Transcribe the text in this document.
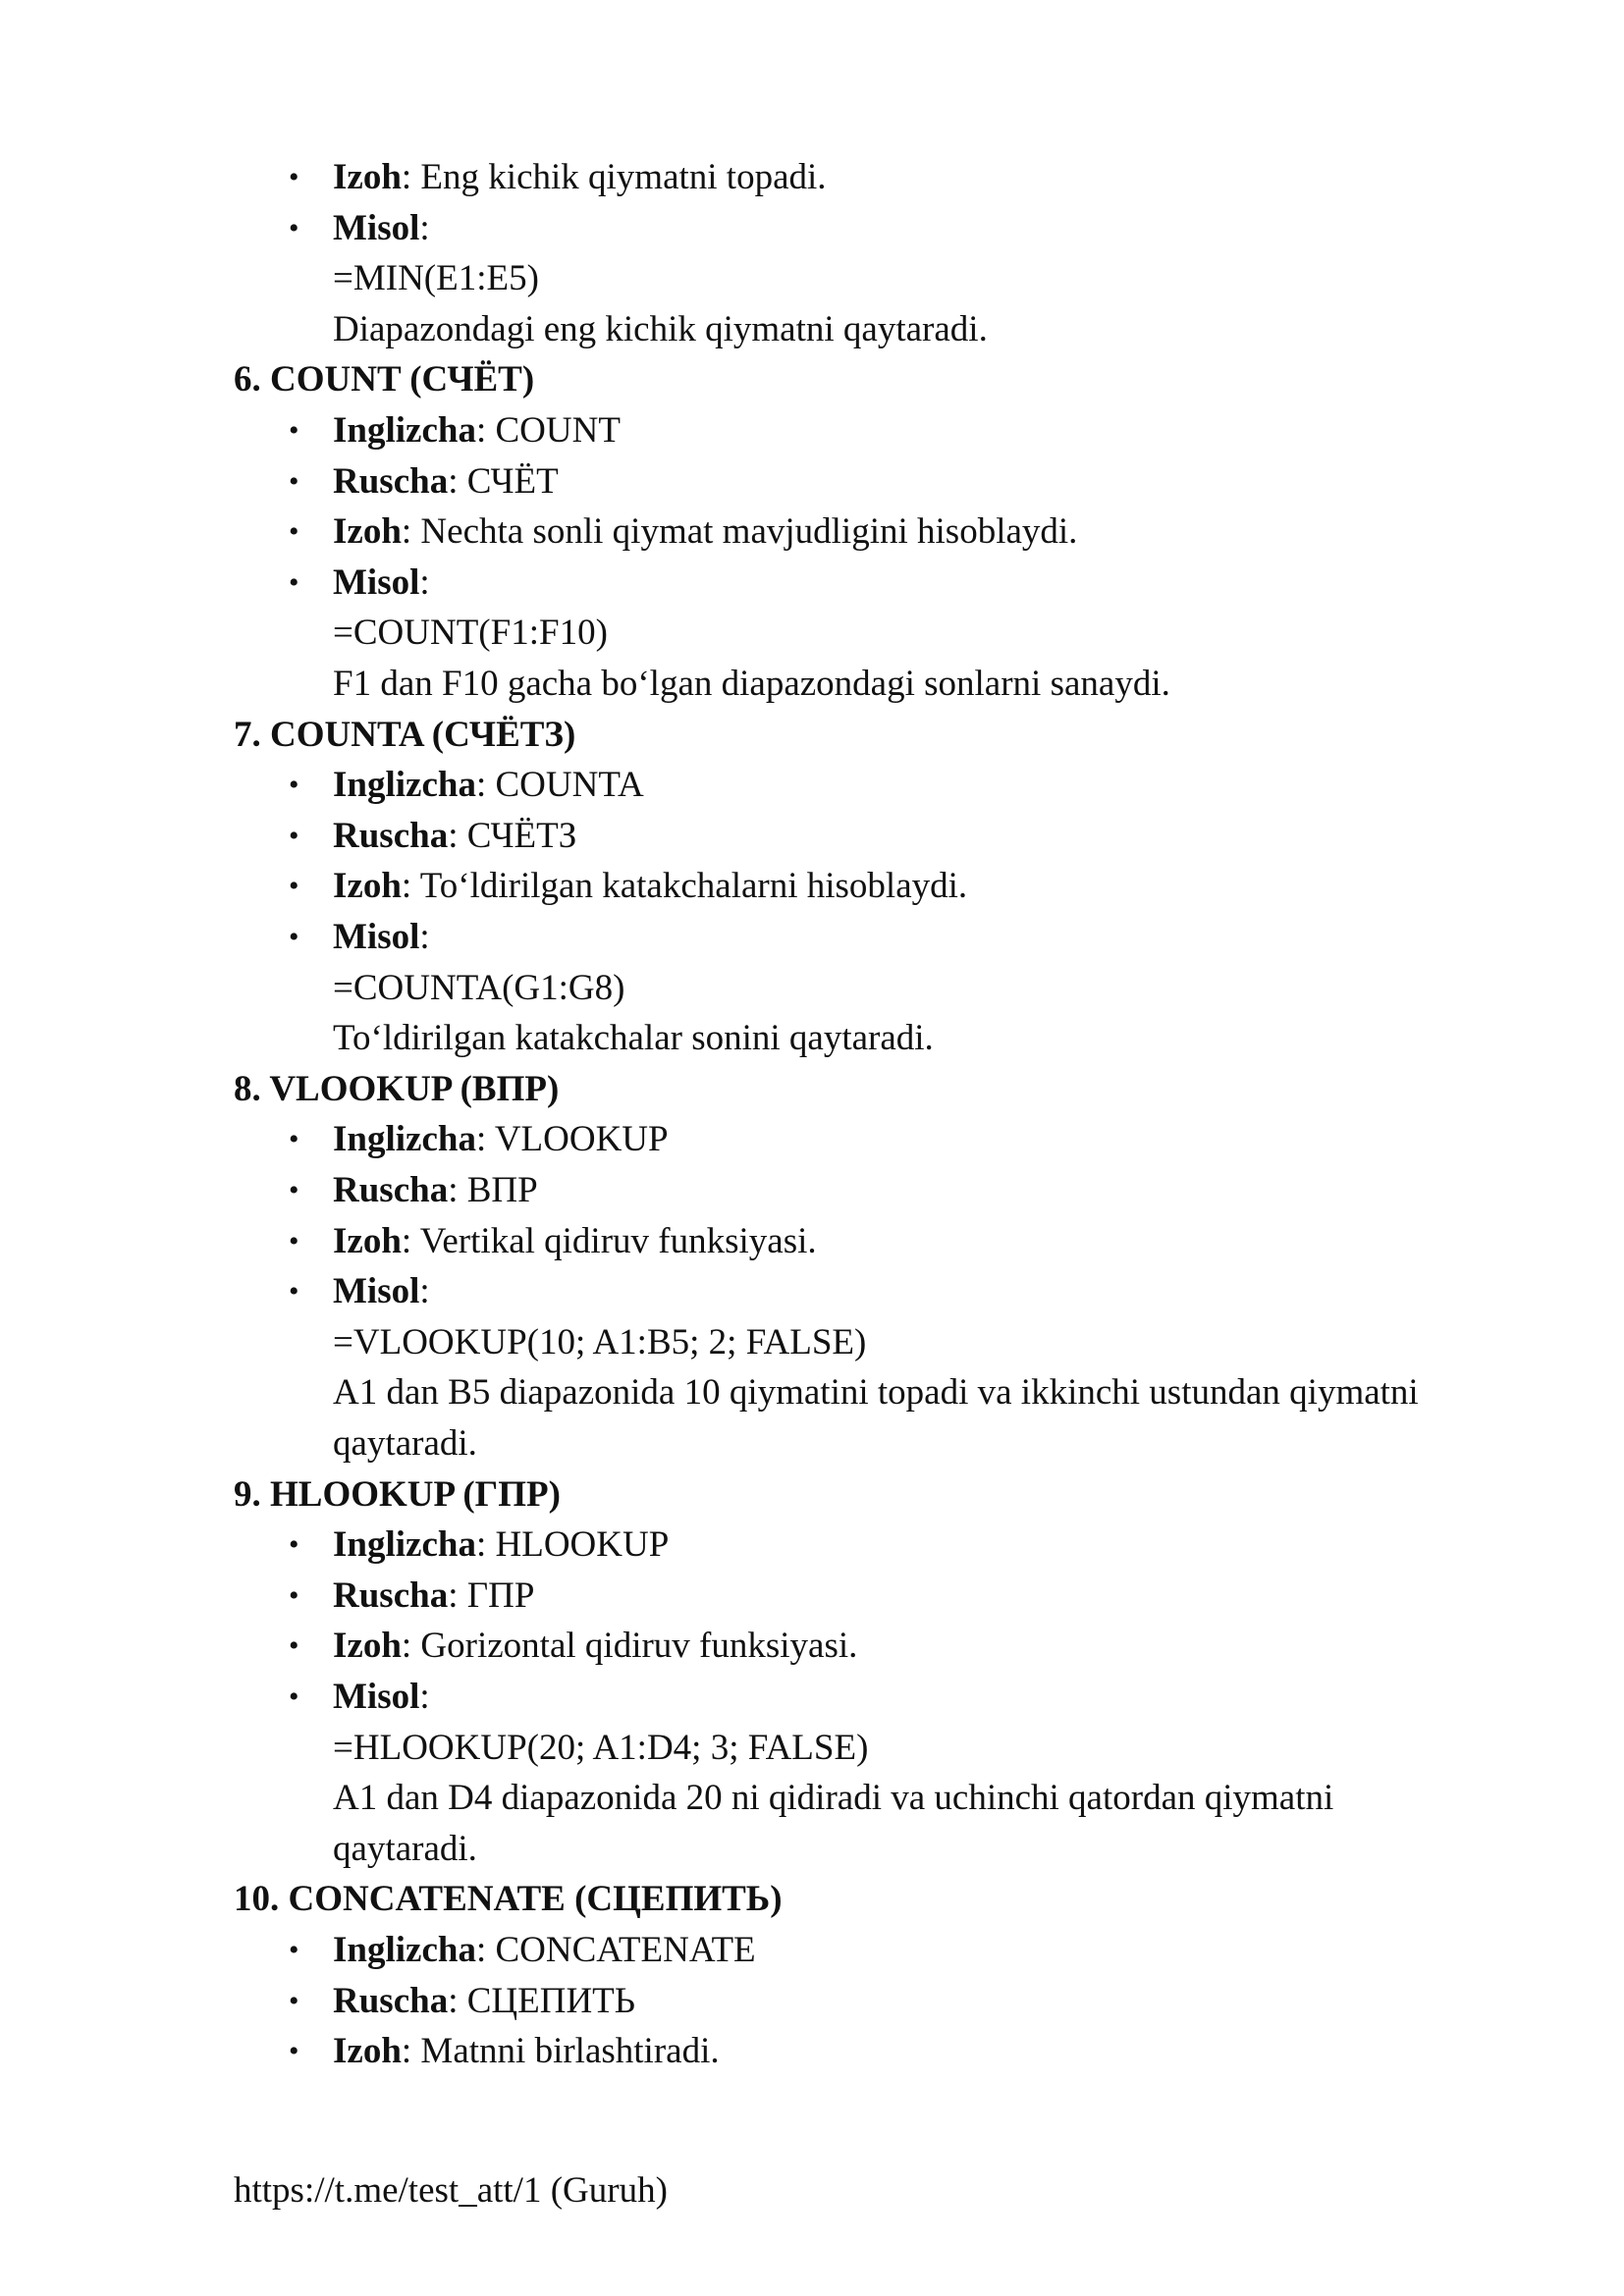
• Izoh: Eng kichik qiymatni topadi.
• Misol:
=MIN(E1:E5)
Diapazondagi eng kichik qiymatni qaytaradi.
6. COUNT (СЧЁТ)
• Inglizcha: COUNT
• Ruscha: СЧЁТ
• Izoh: Nechta sonli qiymat mavjudligini hisoblaydi.
• Misol:
=COUNT(F1:F10)
F1 dan F10 gacha bo‘lgan diapazondagi sonlarni sanaydi.
7. COUNTA (СЧЁТЗ)
• Inglizcha: COUNTA
• Ruscha: СЧЁТЗ
• Izoh: To‘ldirilgan katakchalarni hisoblaydi.
• Misol:
=COUNTA(G1:G8)
To‘ldirilgan katakchalar sonini qaytaradi.
8. VLOOKUP (ВПР)
• Inglizcha: VLOOKUP
• Ruscha: ВПР
• Izoh: Vertikal qidiruv funksiyasi.
• Misol:
=VLOOKUP(10; A1:B5; 2; FALSE)
A1 dan B5 diapazonida 10 qiymatini topadi va ikkinchi ustundan qiymatni
qaytaradi.
9. HLOOKUP (ГПР)
• Inglizcha: HLOOKUP
• Ruscha: ГПР
• Izoh: Gorizontal qidiruv funksiyasi.
• Misol:
=HLOOKUP(20; A1:D4; 3; FALSE)
A1 dan D4 diapazonida 20 ni qidiradi va uchinchi qatordan qiymatni
qaytaradi.
10. CONCATENATE (СЦЕПИТЬ)
• Inglizcha: CONCATENATE
• Ruscha: СЦЕПИТЬ
• Izoh: Matnni birlashtiradi.
https://t.me/test_att/1 (Guruh)
